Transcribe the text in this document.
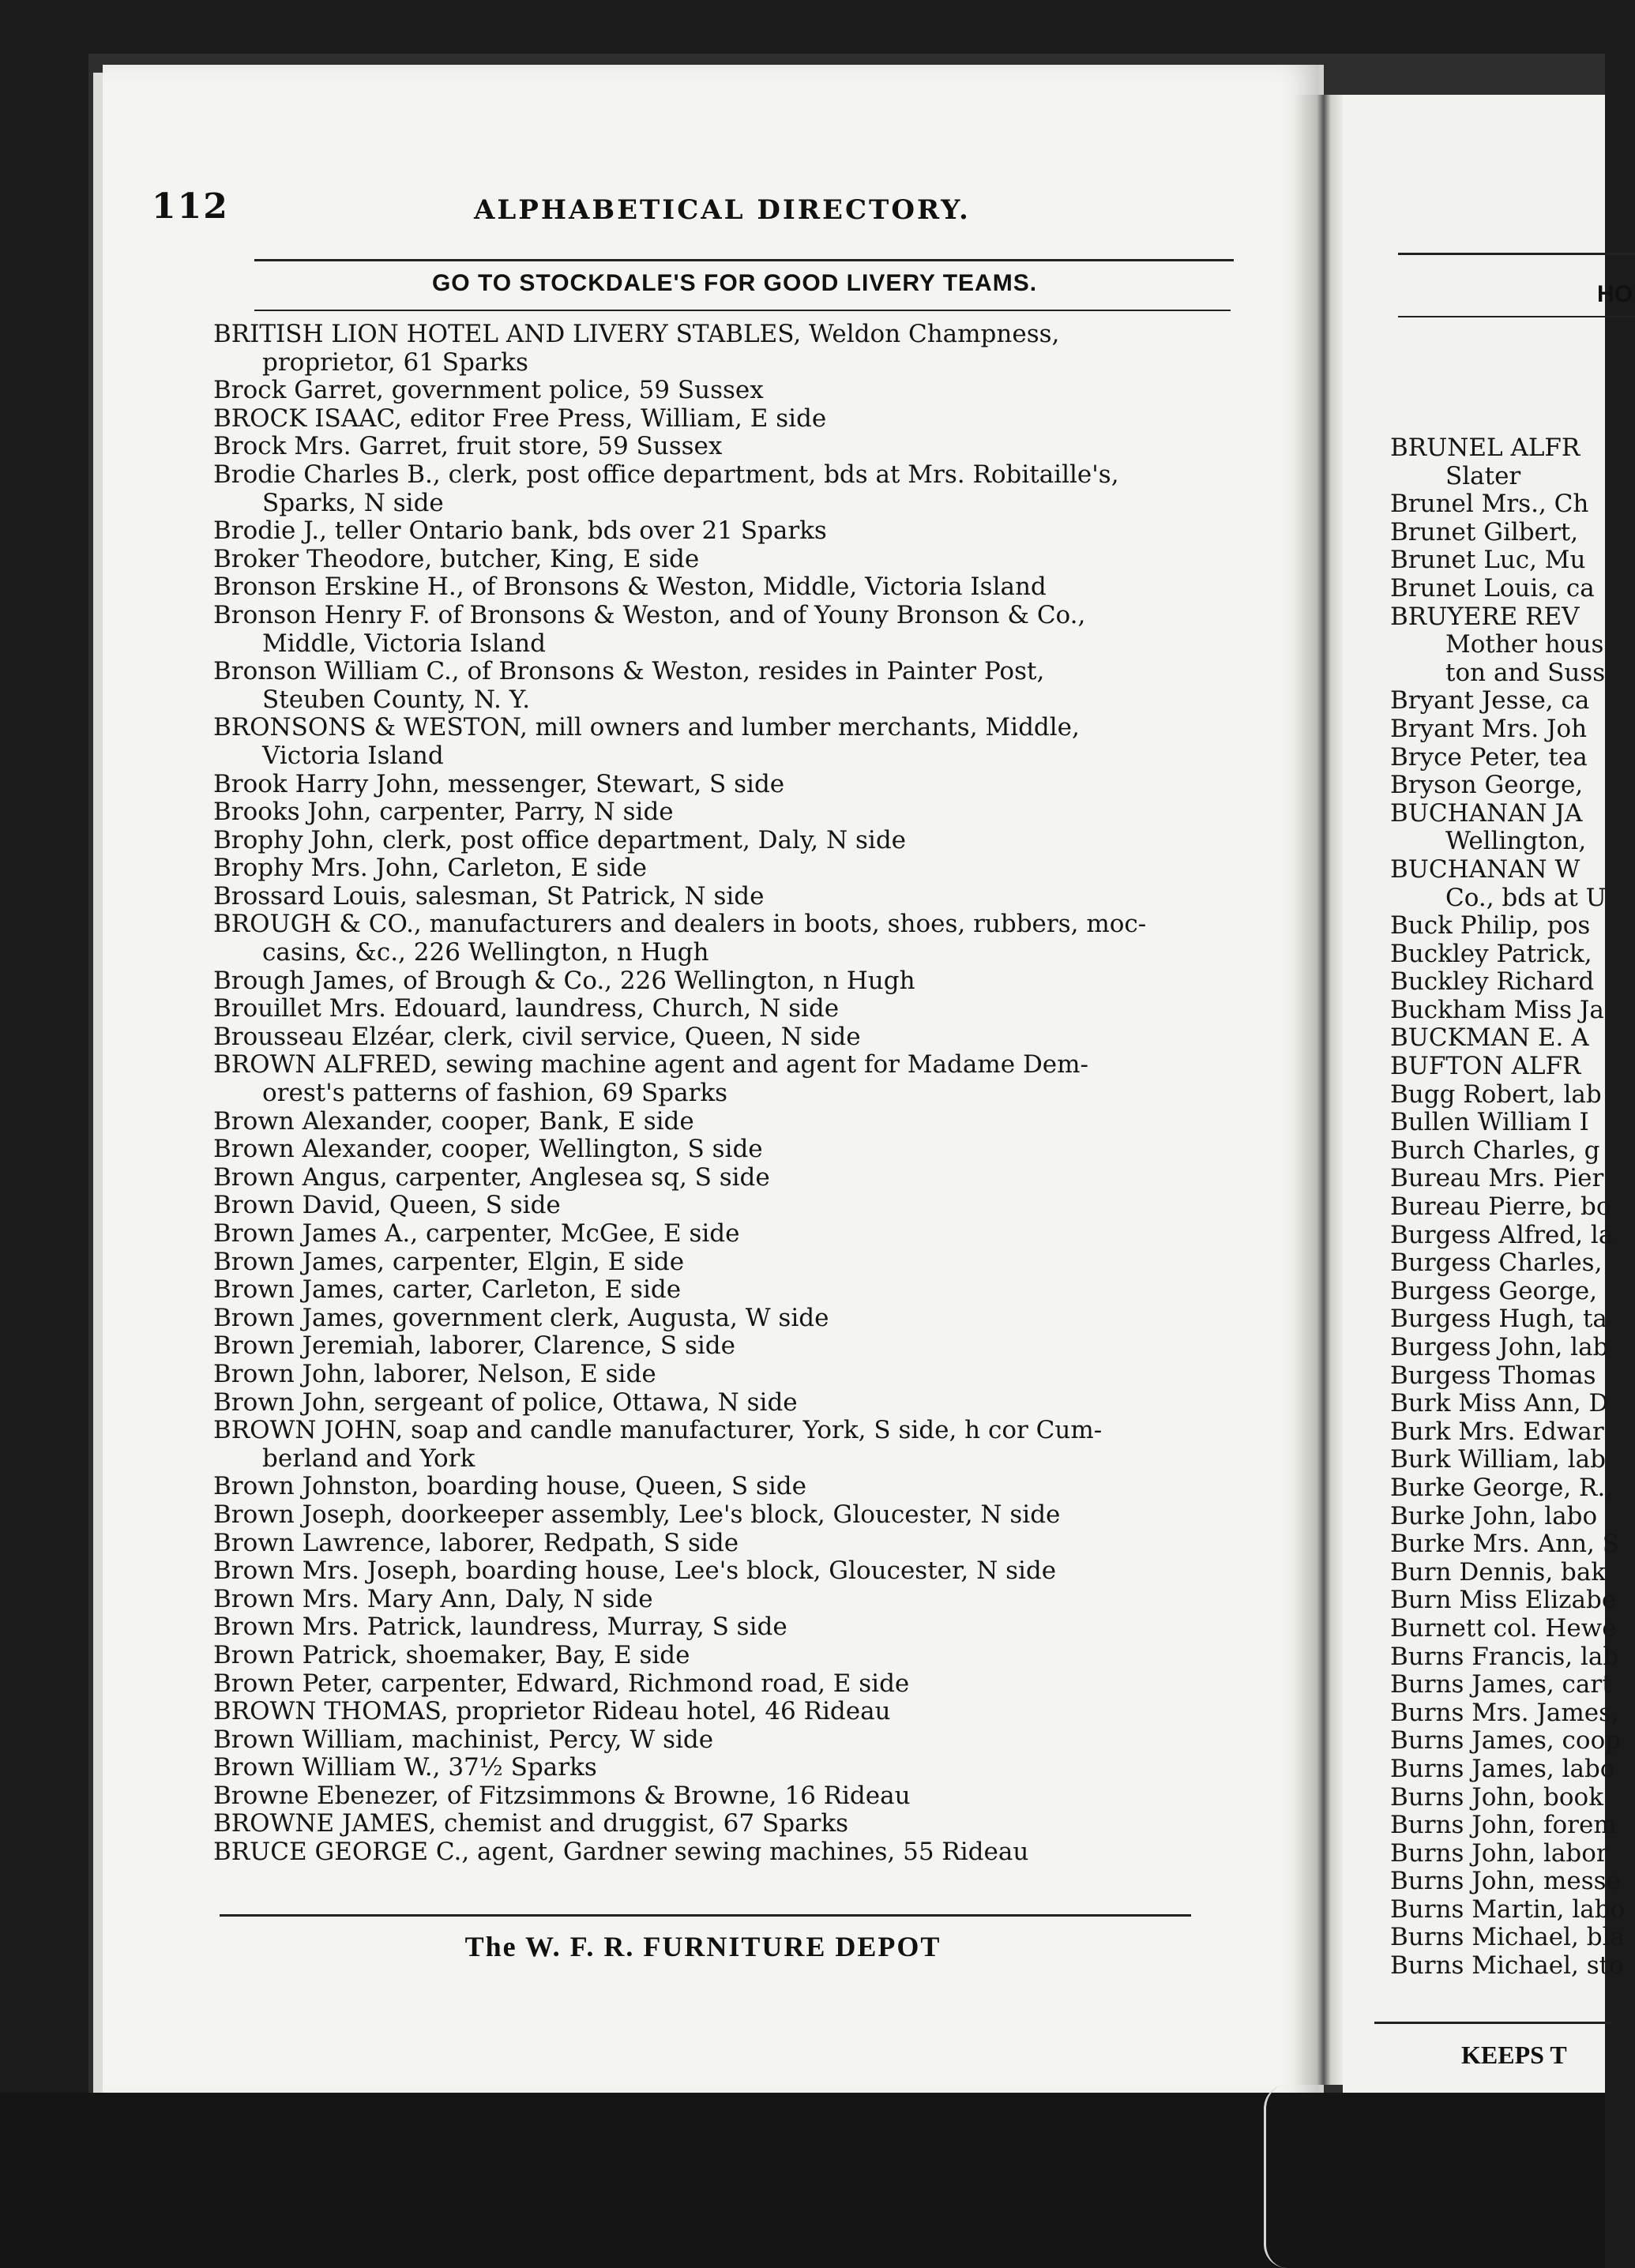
112	ALPHABETICAL DIRECTORY.
GO TO STOCKDALE'S FOR GOOD LIVERY TEAMS.
BRITISH LION HOTEL AND LIVERY STABLES, Weldon Champness,
proprietor, 61 Sparks
Brock Garret, government police, 59 Sussex
BROCK ISAAC, editor Free Press, William, E side
Brock Mrs. Garret, fruit store, 59 Sussex
Brodie Charles B., clerk, post office department, bds at Mrs. Robitaille's,
Sparks, N side
Brodie J., teller Ontario bank, bds over 21 Sparks
Broker Theodore, butcher, King, E side
Bronson Erskine H., of Bronsons & Weston, Middle, Victoria Island
Bronson Henry F. of Bronsons & Weston, and of Youny Bronson & Co.,
Middle, Victoria Island
Bronson William C., of Bronsons & Weston, resides in Painter Post,
Steuben County, N. Y.
BRONSONS & WESTON, mill owners and lumber merchants, Middle,
Victoria Island
Brook Harry John, messenger, Stewart, S side
Brooks John, carpenter, Parry, N side
Brophy John, clerk, post office department, Daly, N side
Brophy Mrs. John, Carleton, E side
Brossard Louis, salesman, St Patrick, N side
BROUGH & CO., manufacturers and dealers in boots, shoes, rubbers, moc-
casins, &c., 226 Wellington, n Hugh
Brough James, of Brough & Co., 226 Wellington, n Hugh
Brouillet Mrs. Edouard, laundress, Church, N side
Brousseau Elzéar, clerk, civil service, Queen, N side
BROWN ALFRED, sewing machine agent and agent for Madame Dem-
orest's patterns of fashion, 69 Sparks
Brown Alexander, cooper, Bank, E side
Brown Alexander, cooper, Wellington, S side
Brown Angus, carpenter, Anglesea sq, S side
Brown David, Queen, S side
Brown James A., carpenter, McGee, E side
Brown James, carpenter, Elgin, E side
Brown James, carter, Carleton, E side
Brown James, government clerk, Augusta, W side
Brown Jeremiah, laborer, Clarence, S side
Brown John, laborer, Nelson, E side
Brown John, sergeant of police, Ottawa, N side
BROWN JOHN, soap and candle manufacturer, York, S side, h cor Cum-
berland and York
Brown Johnston, boarding house, Queen, S side
Brown Joseph, doorkeeper assembly, Lee's block, Gloucester, N side
Brown Lawrence, laborer, Redpath, S side
Brown Mrs. Joseph, boarding house, Lee's block, Gloucester, N side
Brown Mrs. Mary Ann, Daly, N side
Brown Mrs. Patrick, laundress, Murray, S side
Brown Patrick, shoemaker, Bay, E side
Brown Peter, carpenter, Edward, Richmond road, E side
BROWN THOMAS, proprietor Rideau hotel, 46 Rideau
Brown William, machinist, Percy, W side
Brown William W., 37½ Sparks
Browne Ebenezer, of Fitzsimmons & Browne, 16 Rideau
BROWNE JAMES, chemist and druggist, 67 Sparks
BRUCE GEORGE C., agent, Gardner sewing machines, 55 Rideau
The W. F. R. FURNITURE DEPOT
HO
BRUNEL ALFR
Slater
Brunel Mrs., Ch
Brunet Gilbert,
Brunet Luc, Mu
Brunet Louis, ca
BRUYERE REV
Mother hous
ton and Suss
Bryant Jesse, ca
Bryant Mrs. Joh
Bryce Peter, tea
Bryson George,
BUCHANAN JA
Wellington,
BUCHANAN W
Co., bds at U
Buck Philip, pos
Buckley Patrick,
Buckley Richard
Buckham Miss Ja
BUCKMAN E. A
BUFTON ALFR
Bugg Robert, lab
Bullen William I
Burch Charles, g
Bureau Mrs. Pier
Bureau Pierre, bo
Burgess Alfred, la
Burgess Charles,
Burgess George,
Burgess Hugh, ta
Burgess John, lab
Burgess Thomas
Burk Miss Ann, D
Burk Mrs. Edwar
Burk William, lab
Burke George, R.,
Burke John, labo
Burke Mrs. Ann, S
Burn Dennis, bak
Burn Miss Elizabe
Burnett col. Hewe
Burns Francis, lab
Burns James, cart
Burns Mrs. James,
Burns James, coop
Burns James, labo
Burns John, book
Burns John, forem
Burns John, labor
Burns John, messe
Burns Martin, labo
Burns Michael, bla
Burns Michael, sto
KEEPS T
